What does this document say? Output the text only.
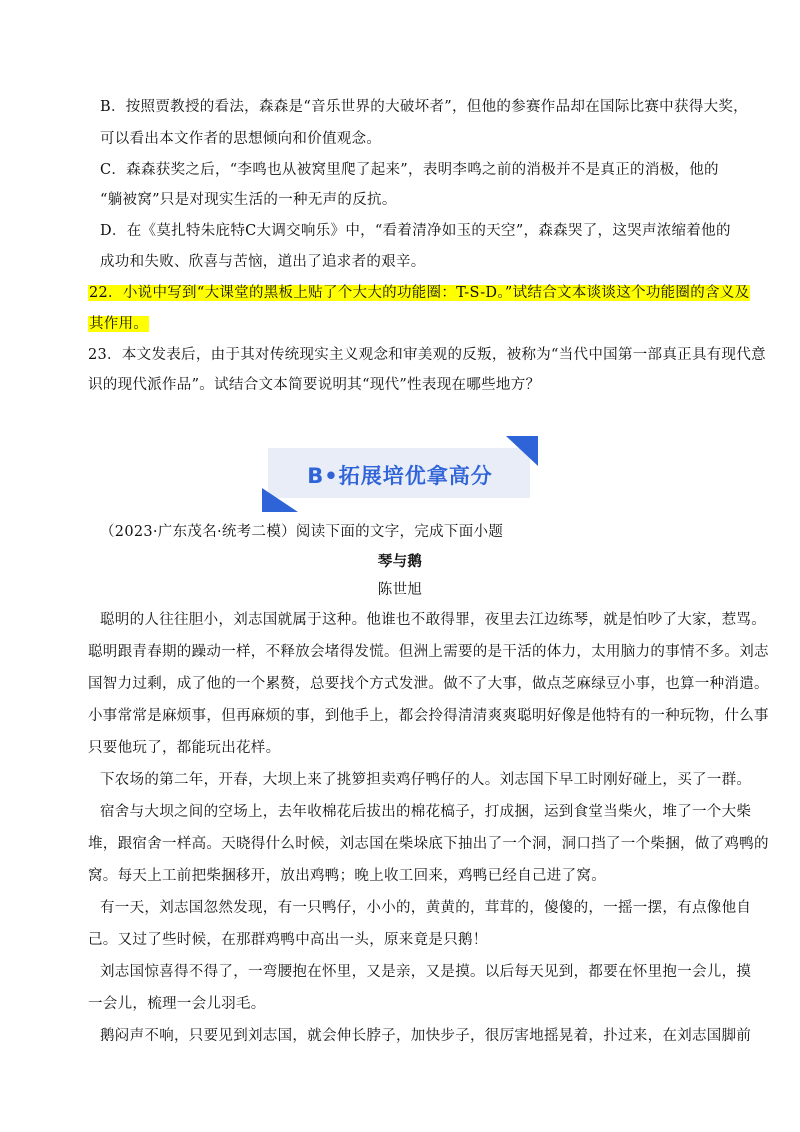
B．按照贾教授的看法，森森是“音乐世界的大破坏者”，但他的参赛作品却在国际比赛中获得大奖，
可以看出本文作者的思想倾向和价值观念。
C．森森获奖之后，“李鸣也从被窝里爬了起来”，表明李鸣之前的消极并不是真正的消极，他的
“躺被窝”只是对现实生活的一种无声的反抗。
D．在《莫扎特朱庇特C大调交响乐》中，“看着清净如玉的天空”，森森哭了，这哭声浓缩着他的
成功和失败、欣喜与苦恼，道出了追求者的艰辛。
22．小说中写到“大课堂的黑板上贴了个大大的功能圈：T-S-D。”试结合文本谈谈这个功能圈的含义及
其作用。
23．本文发表后，由于其对传统现实主义观念和审美观的反叛，被称为“当代中国第一部真正具有现代意
识的现代派作品”。试结合文本简要说明其“现代”性表现在哪些地方？
B•拓展培优拿高分
（2023·广东茂名·统考二模）阅读下面的文字，完成下面小题
琴与鹅
陈世旭
聪明的人往往胆小，刘志国就属于这种。他谁也不敢得罪，夜里去江边练琴，就是怕吵了大家，惹骂。
聪明跟青春期的躁动一样，不释放会堵得发慌。但洲上需要的是干活的体力，太用脑力的事情不多。刘志
国智力过剩，成了他的一个累赘，总要找个方式发泄。做不了大事，做点芝麻绿豆小事，也算一种消遣。
小事常常是麻烦事，但再麻烦的事，到他手上，都会拎得清清爽爽聪明好像是他特有的一种玩物，什么事
只要他玩了，都能玩出花样。
下农场的第二年，开春，大坝上来了挑箩担卖鸡仔鸭仔的人。刘志国下早工时刚好碰上，买了一群。
宿舍与大坝之间的空场上，去年收棉花后拔出的棉花槁子，打成捆，运到食堂当柴火，堆了一个大柴
堆，跟宿舍一样高。天晓得什么时候，刘志国在柴垛底下抽出了一个洞，洞口挡了一个柴捆，做了鸡鸭的
窝。每天上工前把柴捆移开，放出鸡鸭；晚上收工回来，鸡鸭已经自己进了窝。
有一天，刘志国忽然发现，有一只鸭仔，小小的，黄黄的，茸茸的，傻傻的，一摇一摆，有点像他自
己。又过了些时候，在那群鸡鸭中高出一头，原来竟是只鹅！
刘志国惊喜得不得了，一弯腰抱在怀里，又是亲，又是摸。以后每天见到，都要在怀里抱一会儿，摸
一会儿，梳理一会儿羽毛。
鹅闷声不响，只要见到刘志国，就会伸长脖子，加快步子，很厉害地摇晃着，扑过来，在刘志国脚前
